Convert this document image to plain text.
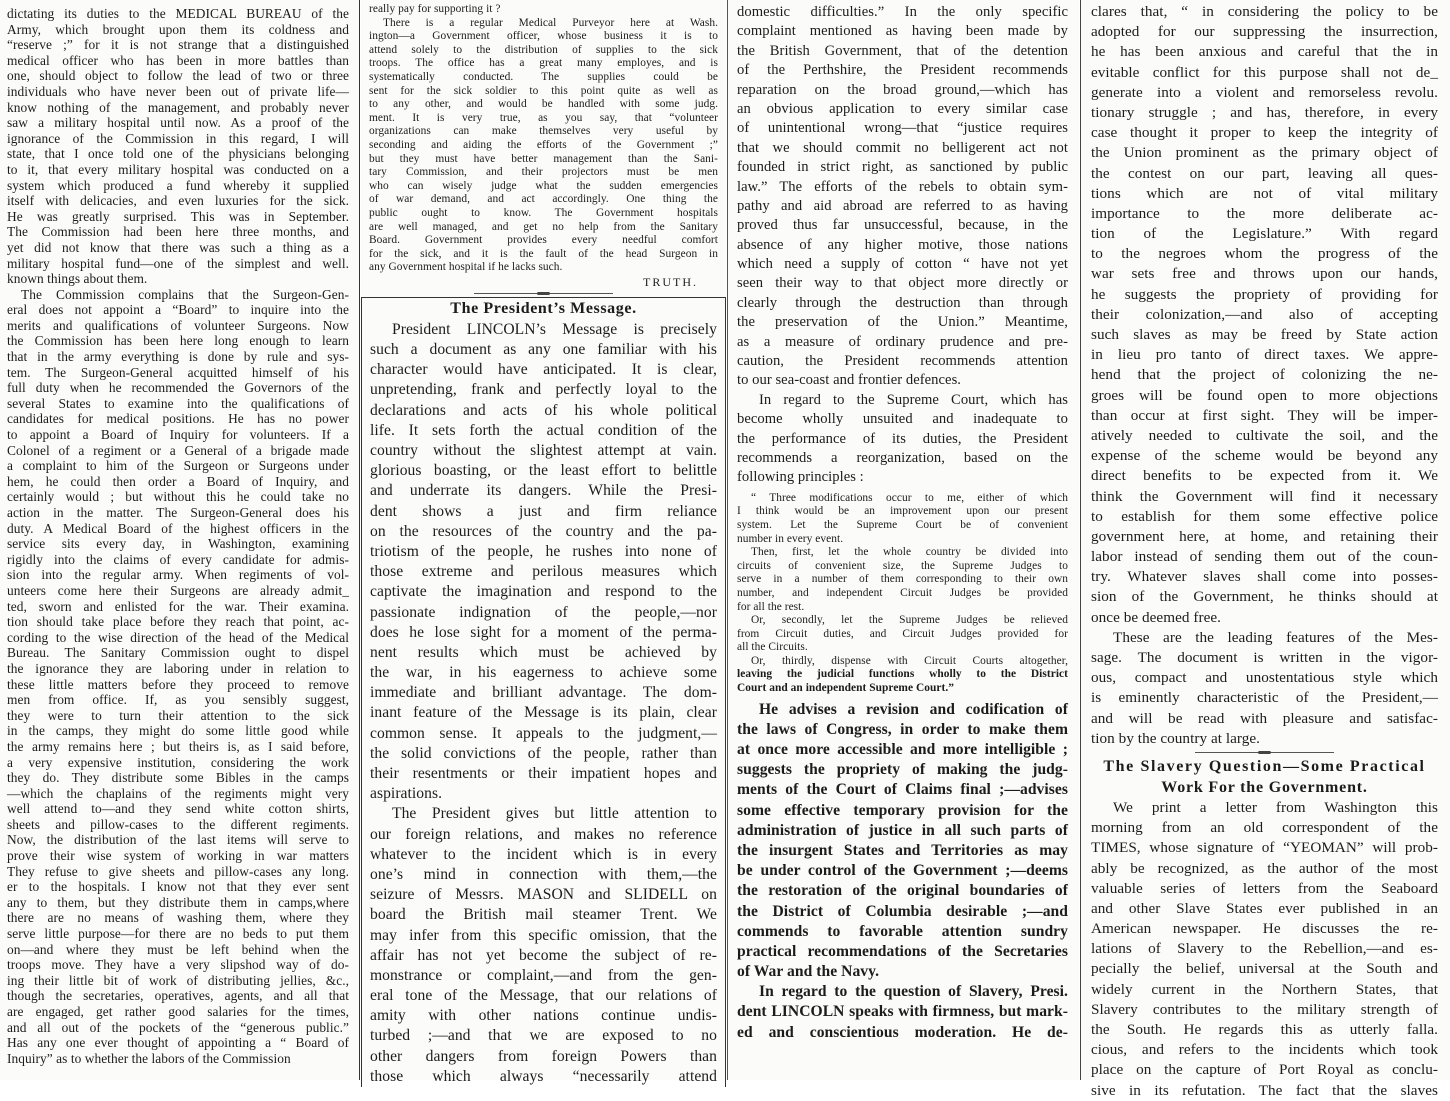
dictating its duties to the MEDICAL BUREAU of the
Army, which brought upon them its coldness and
“reserve ;” for it is not strange that a distinguished
medical officer who has been in more battles than
one, should object to follow the lead of two or three
individuals who have never been out of private life—
know nothing of the management, and probably never
saw a military hospital until now. As a proof of the
ignorance of the Commission in this regard, I will
state, that I once told one of the physicians belonging
to it, that every military hospital was conducted on a
system which produced a fund whereby it supplied
itself with delicacies, and even luxuries for the sick.
He was greatly surprised. This was in September.
The Commission had been here three months, and
yet did not know that there was such a thing as a
military hospital fund—one of the simplest and well.
known things about them.
The Commission complains that the Surgeon-Gen-
eral does not appoint a “Board” to inquire into the
merits and qualifications of volunteer Surgeons. Now
the Commission has been here long enough to learn
that in the army everything is done by rule and sys-
tem. The Surgeon-General acquitted himself of his
full duty when he recommended the Governors of the
several States to examine into the qualifications of
candidates for medical positions. He has no power
to appoint a Board of Inquiry for volunteers. If a
Colonel of a regiment or a General of a brigade made
a complaint to him of the Surgeon or Surgeons under
hem, he could then order a Board of Inquiry, and
certainly would ; but without this he could take no
action in the matter. The Surgeon-General does his
duty. A Medical Board of the highest officers in the
service sits every day, in Washington, examining
rigidly into the claims of every candidate for admis-
sion into the regular army. When regiments of vol-
unteers come here their Surgeons are already admit_
ted, sworn and enlisted for the war. Their examina.
tion should take place before they reach that point, ac-
cording to the wise direction of the head of the Medical
Bureau. The Sanitary Commission ought to dispel
the ignorance they are laboring under in relation to
these little matters before they proceed to remove
men from office. If, as you sensibly suggest,
they were to turn their attention to the sick
in the camps, they might do some little good while
the army remains here ; but theirs is, as I said before,
a very expensive institution, considering the work
they do. They distribute some Bibles in the camps
—which the chaplains of the regiments might very
well attend to—and they send white cotton shirts,
sheets and pillow-cases to the different regiments.
Now, the distribution of the last items will serve to
prove their wise system of working in war matters
They refuse to give sheets and pillow-cases any long.
er to the hospitals. I know not that they ever sent
any to them, but they distribute them in camps,where
there are no means of washing them, where they
serve little purpose—for there are no beds to put them
on—and where they must be left behind when the
troops move. They have a very slipshod way of do-
ing their little bit of work of distributing jellies, &c.,
though the secretaries, operatives, agents, and all that
are engaged, get rather good salaries for the times,
and all out of the pockets of the “generous public.”
Has any one ever thought of appointing a “ Board of
Inquiry” as to whether the labors of the Commission
really pay for supporting it ?
There is a regular Medical Purveyor here at Wash.
ington—a Government officer, whose business it is to
attend solely to the distribution of supplies to the sick
troops. The office has a great many employes, and is
systematically conducted. The supplies could be
sent for the sick soldier to this point quite as well as
to any other, and would be handled with some judg.
ment. It is very true, as you say, that “volunteer
organizations can make themselves very useful by
seconding and aiding the efforts of the Government ;”
but they must have better management than the Sani-
tary Commission, and their projectors must be men
who can wisely judge what the sudden emergencies
of war demand, and act accordingly. One thing the
public ought to know. The Government hospitals
are well managed, and get no help from the Sanitary
Board. Government provides every needful comfort
for the sick, and it is the fault of the head Surgeon in
any Government hospital if he lacks such.
TRUTH.
The President’s Message.
President LINCOLN’s Message is precisely
such a document as any one familiar with his
character would have anticipated. It is clear,
unpretending, frank and perfectly loyal to the
declarations and acts of his whole political
life. It sets forth the actual condition of the
country without the slightest attempt at vain.
glorious boasting, or the least effort to belittle
and underrate its dangers. While the Presi-
dent shows a just and firm reliance
on the resources of the country and the pa-
triotism of the people, he rushes into none of
those extreme and perilous measures which
captivate the imagination and respond to the
passionate indignation of the people,—nor
does he lose sight for a moment of the perma-
nent results which must be achieved by
the war, in his eagerness to achieve some
immediate and brilliant advantage. The dom-
inant feature of the Message is its plain, clear
common sense. It appeals to the judgment,—
the solid convictions of the people, rather than
their resentments or their impatient hopes and
aspirations.
The President gives but little attention to
our foreign relations, and makes no reference
whatever to the incident which is in every
one’s mind in connection with them,—the
seizure of Messrs. MASON and SLIDELL on
board the British mail steamer Trent. We
may infer from this specific omission, that the
affair has not yet become the subject of re-
monstrance or complaint,—and from the gen-
eral tone of the Message, that our relations of
amity with other nations continue undis-
turbed ;—and that we are exposed to no
other dangers from foreign Powers than
those which always “necessarily attend
domestic difficulties.” In the only specific
complaint mentioned as having been made by
the British Government, that of the detention
of the Perthshire, the President recommends
reparation on the broad ground,—which has
an obvious application to every similar case
of unintentional wrong—that “justice requires
that we should commit no belligerent act not
founded in strict right, as sanctioned by public
law.” The efforts of the rebels to obtain sym-
pathy and aid abroad are referred to as having
proved thus far unsuccessful, because, in the
absence of any higher motive, those nations
which need a supply of cotton “ have not yet
seen their way to that object more directly or
clearly through the destruction than through
the preservation of the Union.” Meantime,
as a measure of ordinary prudence and pre-
caution, the President recommends attention
to our sea-coast and frontier defences.
In regard to the Supreme Court, which has
become wholly unsuited and inadequate to
the performance of its duties, the President
recommends a reorganization, based on the
following principles :
“ Three modifications occur to me, either of which
I think would be an improvement upon our present
system. Let the Supreme Court be of convenient
number in every event.
Then, first, let the whole country be divided into
circuits of convenient size, the Supreme Judges to
serve in a number of them corresponding to their own
number, and independent Circuit Judges be provided
for all the rest.
Or, secondly, let the Supreme Judges be relieved
from Circuit duties, and Circuit Judges provided for
all the Circuits.
Or, thirdly, dispense with Circuit Courts altogether,
leaving the judicial functions wholly to the District
Court and an independent Supreme Court.”
He advises a revision and codification of
the laws of Congress, in order to make them
at once more accessible and more intelligible ;
suggests the propriety of making the judg-
ments of the Court of Claims final ;—advises
some effective temporary provision for the
administration of justice in all such parts of
the insurgent States and Territories as may
be under control of the Government ;—deems
the restoration of the original boundaries of
the District of Columbia desirable ;—and
commends to favorable attention sundry
practical recommendations of the Secretaries
of War and the Navy.
In regard to the question of Slavery, Presi.
dent LINCOLN speaks with firmness, but mark-
ed and conscientious moderation. He de-
clares that, “ in considering the policy to be
adopted for our suppressing the insurrection,
he has been anxious and careful that the in
evitable conflict for this purpose shall not de_
generate into a violent and remorseless revolu.
tionary struggle ; and has, therefore, in every
case thought it proper to keep the integrity of
the Union prominent as the primary object of
the contest on our part, leaving all ques-
tions which are not of vital military
importance to the more deliberate ac-
tion of the Legislature.” With regard
to the negroes whom the progress of the
war sets free and throws upon our hands,
he suggests the propriety of providing for
their colonization,—and also of accepting
such slaves as may be freed by State action
in lieu pro tanto of direct taxes. We appre-
hend that the project of colonizing the ne-
groes will be found open to more objections
than occur at first sight. They will be imper-
atively needed to cultivate the soil, and the
expense of the scheme would be beyond any
direct benefits to be expected from it. We
think the Government will find it necessary
to establish for them some effective police
government here, at home, and retaining their
labor instead of sending them out of the coun-
try. Whatever slaves shall come into posses-
sion of the Government, he thinks should at
once be deemed free.
These are the leading features of the Mes-
sage. The document is written in the vigor-
ous, compact and unostentatious style which
is eminently characteristic of the President,—
and will be read with pleasure and satisfac-
tion by the country at large.
The Slavery Question—Some Practical
Work For the Government.
We print a letter from Washington this
morning from an old correspondent of the
TIMES, whose signature of “YEOMAN” will prob-
ably be recognized, as the author of the most
valuable series of letters from the Seaboard
and other Slave States ever published in an
American newspaper. He discusses the re-
lations of Slavery to the Rebellion,—and es-
pecially the belief, universal at the South and
widely current in the Northern States, that
Slavery contributes to the military strength of
the South. He regards this as utterly falla.
cious, and refers to the incidents which took
place on the capture of Port Royal as conclu-
sive in its refutation. The fact that the slaves
